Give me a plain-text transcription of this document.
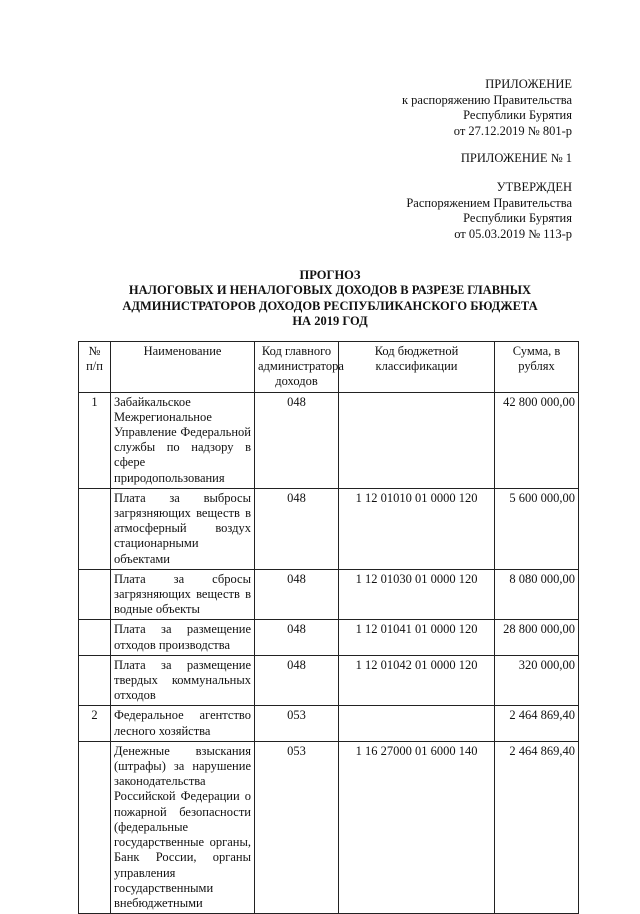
ПРИЛОЖЕНИЕ
к распоряжению Правительства
Республики Бурятия
от 27.12.2019 № 801-р
ПРИЛОЖЕНИЕ № 1
УТВЕРЖДЕН
Распоряжением Правительства
Республики Бурятия
от 05.03.2019 № 113-р
ПРОГНОЗ
НАЛОГОВЫХ И НЕНАЛОГОВЫХ ДОХОДОВ В РАЗРЕЗЕ ГЛАВНЫХ
АДМИНИСТРАТОРОВ ДОХОДОВ РЕСПУБЛИКАНСКОГО БЮДЖЕТА
НА 2019 ГОД
№ п/п	Наименование	Код главного администратора доходов	Код бюджетной классификации	Сумма, в рублях
1	Забайкальское Межрегиональное Управление Федеральной службы по надзору в сфере природопользования	048		42 800 000,00
	Плата за выбросы загрязняющих веществ в атмосферный воздух стационарными объектами	048	1 12 01010 01 0000 120	5 600 000,00
	Плата за сбросы загрязняющих веществ в водные объекты	048	1 12 01030 01 0000 120	8 080 000,00
	Плата за размещение отходов производства	048	1 12 01041 01 0000 120	28 800 000,00
	Плата за размещение твердых коммунальных отходов	048	1 12 01042 01 0000 120	320 000,00
2	Федеральное агентство лесного хозяйства	053		2 464 869,40
	Денежные взыскания (штрафы) за нарушение законодательства Российской Федерации о пожарной безопасности (федеральные государственные органы, Банк России, органы управления государственными внебюджетными	053	1 16 27000 01 6000 140	2 464 869,40
